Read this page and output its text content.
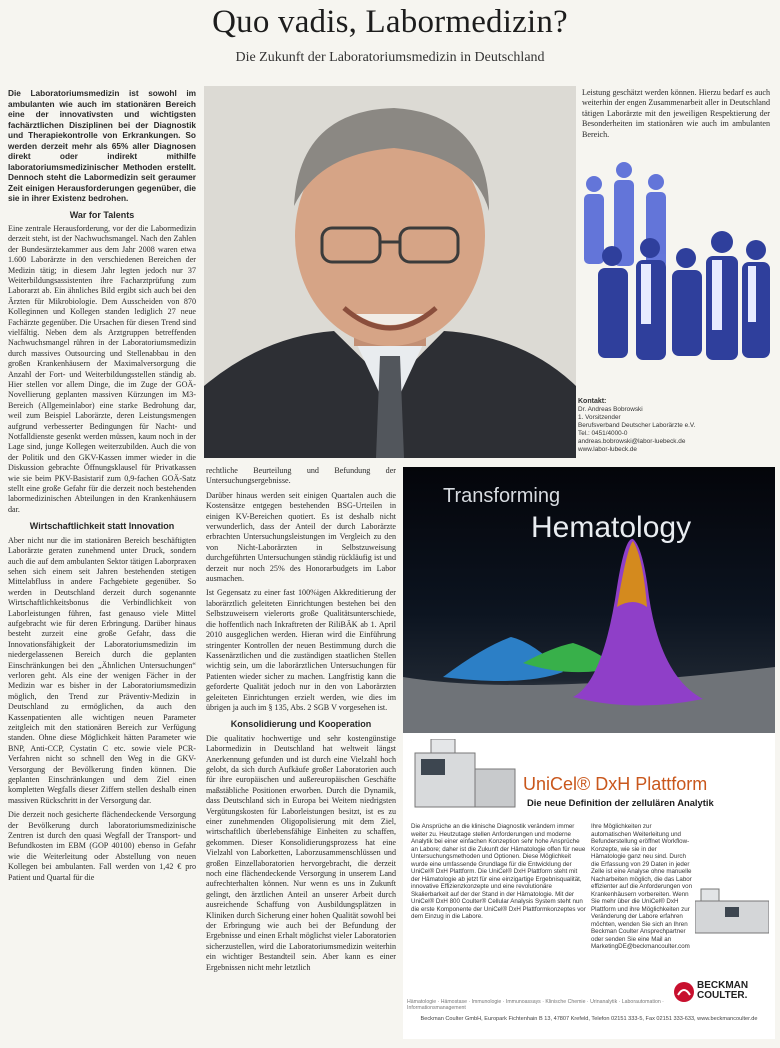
Quo vadis, Labormedizin?
Die Zukunft der Laboratoriumsmedizin in Deutschland

Die Laboratoriumsmedizin ist sowohl im ambulanten wie auch im stationären Bereich eine der innovativsten und wichtigsten fachärztlichen Disziplinen bei der Diagnostik und Therapiekontrolle von Erkrankungen. So werden derzeit mehr als 65% aller Diagnosen direkt oder indirekt mithilfe laboratoriumsmedizinischer Methoden erstellt. Dennoch steht die Labormedizin seit geraumer Zeit einigen Herausforderungen gegenüber, die sie in ihrer Existenz bedrohen.

War for Talents

Eine zentrale Herausforderung, vor der die Labormedizin derzeit steht, ist der Nachwuchsmangel. Nach den Zahlen der Bundesärztekammer aus dem Jahr 2008 waren etwa 1.600 Laborärzte in den verschiedenen Bereichen der Medizin tätig; in diesem Jahr legten jedoch nur 37 Weiterbildungsassistenten ihre Facharztprüfung zum Laborarzt ab. Ein ähnliches Bild ergibt sich auch bei den Ärzten für Mikrobiologie. Dem Ausscheiden von 870 Kolleginnen und Kollegen standen lediglich 27 neue Fachärzte gegenüber. Die Ursachen für diesen Trend sind vielfältig. Neben dem als Arztgruppen betreffenden Nachwuchsmangel rühren in der Laboratoriumsmedizin durch massives Outsourcing und Stellenabbau in den großen Krankenhäusern der Maximalversorgung die Anzahl der Fort- und Weiterbildungsstellen ständig ab. Hier stellen vor allem Dinge, die im Zuge der GOÄ-Novellierung geplanten massiven Kürzungen im M3-Bereich (Allgemeinlabor) eine starke Bedrohung dar, weil zum Beispiel Laborärzte, deren Leistungsmengen aufgrund verbesserter Bedingungen für Nacht- und Notfalldienste gesenkt werden müssen, kaum noch in der Lage sind, junge Kollegen weiterzubilden. Auch die von der Politik und den GKV-Kassen immer wieder in die Diskussion gebrachte Öffnungsklausel für Privatkassen wie sie beim PKV-Basistarif zum 0,9-fachen GOÄ-Satz stellt eine große Gefahr für die derzeit noch bestehenden labormedizinischen Abteilungen in den Krankenhäusern dar.

Wirtschaftlichkeit statt Innovation

Aber nicht nur die im stationären Bereich beschäftigten Laborärzte geraten zunehmend unter Druck, sondern auch die auf dem ambulanten Sektor tätigen Laborpraxen sehen sich einem seit Jahren bestehenden stetigen Mittelabfluss in andere Fachgebiete gegenüber. So werden in Deutschland derzeit durch sogenannte Wirtschaftlichkeitsbonus die Verbindlichkeit von Laborleistungen führen, fast genauso viele Mittel aufgebracht wie für deren Erbringung. Darüber hinaus besteht zurzeit eine große Gefahr, dass die Innovationsfähigkeit der Laboratoriumsmedizin im niedergelassenen Bereich durch die geplanten Einschränkungen bei den „Ähnlichen Untersuchungen“ verloren geht. Als eine der wenigen Fächer in der Medizin war es bisher in der Laboratoriumsmedizin möglich, den Trend zur Präventiv-Medizin in Deutschland zu ermöglichen, da auch den Kassenpatienten alle wichtigen neuen Parameter zeitgleich mit den stationären Bereich zur Verfügung standen. Ohne diese Möglichkeit hätten Parameter wie BNP, Anti-CCP, Cystatin C etc. sowie viele PCR-Verfahren nicht so schnell den Weg in die GKV-Versorgung der Bevölkerung finden können. Die geplanten Einschränkungen und dem Ziel einen kompletten Wegfalls dieser Ziffern stellen deshalb einen massiven Rückschritt in der Versorgung dar.

Die derzeit noch gesicherte flächendeckende Versorgung der Bevölkerung durch laboratoriumsmedizinische Zentren ist durch den quasi Wegfall der Transport- und Befundkosten im EBM (GOP 40100) ebenso in Gefahr wie die Weiterleitung oder Abstellung von neuen Kollegen bei ambulanten. Fall werden von 1,42 € pro Patient und Quartal für die

Leistung geschätzt werden können. Hierzu bedarf es auch weiterhin der engen Zusammenarbeit aller in Deutschland tätigen Laborärzte mit den jeweiligen Respektierung der Besonderheiten im stationären wie auch im ambulanten Bereich.

Kontakt:
Dr. Andreas Bobrowski
1. Vorsitzender
Berufsverband Deutscher Laborärzte e.V.
Tel.: 0451/4000-0
andreas.bobrowski@labor-luebeck.de
www.labor-lubeck.de

rechtliche Beurteilung und Befundung der Untersuchungsergebnisse.

Darüber hinaus werden seit einigen Quartalen auch die Kostensätze entgegen bestehenden BSG-Urteilen in einigen KV-Bereichen quotiert. Es ist deshalb nicht verwunderlich, dass der Anteil der durch Laborärzte erbrachten Untersuchungsleistungen im Vergleich zu den von Nicht-Laborärzten in Selbstzuweisung durchgeführten Untersuchungen ständig rückläufig ist und derzeit nur noch 25% des Honorarbudgets im Labor ausmachen.

Ist Gegensatz zu einer fast 100%igen Akkreditierung der laborärztlich geleiteten Einrichtungen bestehen bei den Selbstzuweisern vielerorts große Qualitätsunterschiede, die hoffentlich nach Inkraftreten der RiliBÄK ab 1. April 2010 ausgeglichen werden. Hieran wird die Einführung stringenter Kontrollen der neuen Bestimmung durch die Kassenärztlichen und die zuständigen staatlichen Stellen wichtig sein, um die laborärztlichen Untersuchungen für Patienten wieder sicher zu machen. Langfristig kann die geforderte Qualität jedoch nur in den von Laborärzten geleiteten Einrichtungen erzielt werden, wie dies im übrigen ja auch im § 135, Abs. 2 SGB V vorgesehen ist.

Konsolidierung und Kooperation

Die qualitativ hochwertige und sehr kostengünstige Labormedizin in Deutschland hat weltweit längst Anerkennung gefunden und ist durch eine Vielzahl hoch gelobt, da sich durch Aufkäufe großer Laboratorien auch für ihre europäischen und außereuropäischen Geschäfte maßstäbliche Positionen erworben. Durch die Dynamik, dass Deutschland sich in Europa bei Weitem niedrigsten Vergütungskosten für Laborleistungen besitzt, ist es zu einer zunehmenden Oligopolisierung mit dem Ziel, wirtschaftlich überlebensfähige Einheiten zu schaffen, gekommen. Dieser Konsolidierungsprozess hat eine Vielzahl von Laborketten, Laborzusammenschlüssen und großen Einzellaboratorien hervorgebracht, die derzeit noch eine flächendeckende Versorgung in unserem Land aufrechterhalten können. Nur wenn es uns in Zukunft gelingt, den ärztlichen Anteil an unserer Arbeit durch ausreichende Schaffung von Ausbildungsplätzen in Kliniken durch Sicherung einer hohen Qualität sowohl bei der Erbringung wie auch bei der Befundung der Ergebnisse und einen Erhalt möglichst vieler Laboratorien sicherzustellen, wird die Laboratoriumsmedizin weiterhin ein wichtiger Bestandteil sein. Aber kann es einer Ergebnissen nicht mehr letztlich

Transforming
Hematology
UniCel® DxH Plattform
Die neue Definition der zellulären Analytik
Die Ansprüche an die klinische Diagnostik verändern immer weiter zu. Heutzutage stellen Anforderungen und moderne Analytik bei einer einfachen Konzeption sehr hohe Ansprüche an Labore; daher ist die Zukunft der Hämatologie offen für neue Untersuchungsmethoden und Optionen. Diese Möglichkeit wurde eine umfassende Grundlage für die Entwicklung der UniCel® DxH Plattform. Die UniCel® DxH Plattform steht mit der Hämatologie ab jetzt für eine einzigartige Ergebnisqualität, innovative Effizienzkonzepte und eine revolutionäre Skalierbarkeit auf der der Stand in der Hämatologie. Mit der UniCel® DxH 800 Coulter® Cellular Analysis System steht nun die erste Komponente der UniCel® DxH Plattformkonzeptes vor dem Einzug in die Labore.
Ihre Möglichkeiten zur automatischen Weiterleitung und Befunderstellung eröffnet Workflow-Konzepte, wie sie in der Hämatologie ganz neu sind. Durch die Erfassung von 29 Daten in jeder Zelle ist eine Analyse ohne manuelle Nacharbeiten möglich, die das Labor effizienter auf die Anforderungen von Krankenhäusern vorbereiten. Wenn Sie mehr über die UniCel® DxH Plattform und ihre Möglichkeiten zur Veränderung der Labore erfahren möchten, wenden Sie sich an Ihren Beckman Coulter Ansprechpartner oder senden Sie eine Mail an MarketingDE@beckmancoulter.com
BECKMAN
COULTER.
Hämatologie · Hämostase · Immunologie · Immunoassays · Klinische Chemie · Urinanalytik · Laborautomation · Informationsmanagement
Beckman Coulter GmbH, Europark Fichtenhain B 13, 47807 Krefeld, Telefon 02151 333-5, Fax 02151 333-633, www.beckmancoulter.de
